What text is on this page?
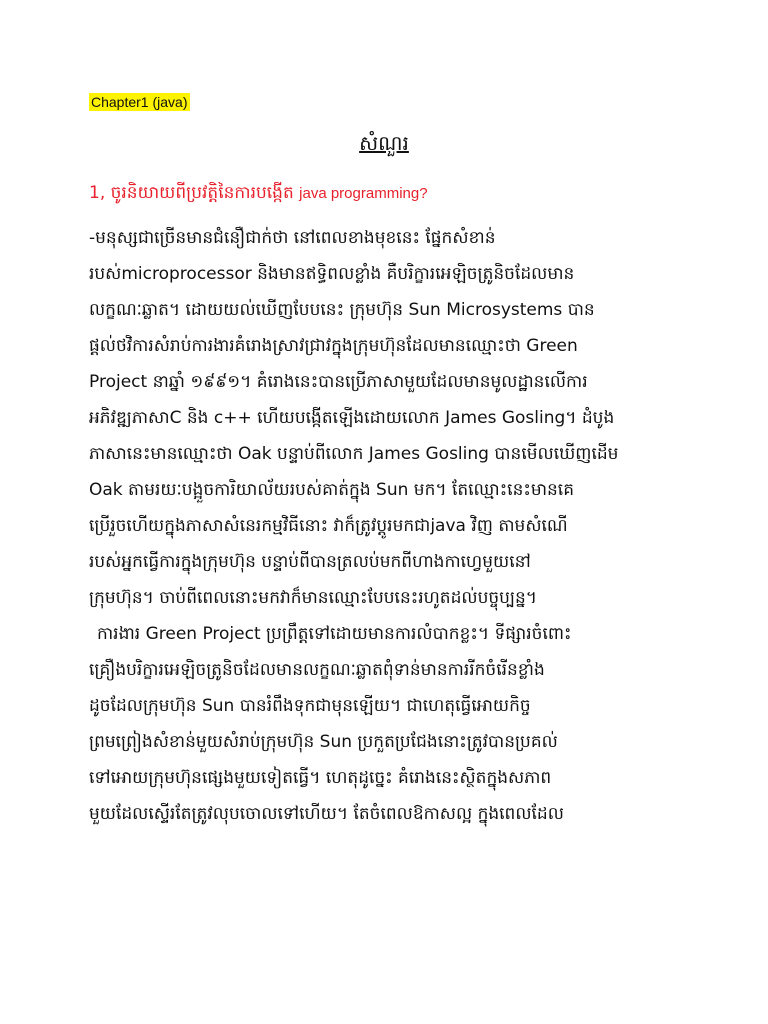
Chapter1 (java)
សំណួរ
1, ចូរនិយាយពីប្រវត្តិនៃការបង្កើត java programming?
-មនុស្សជាច្រើនមានជំនឿជាក់ថា នៅពេលខាងមុខនេះ ផ្នែកសំខាន់
របស់microprocessor និងមានឥទ្ធិពលខ្លាំង គឺបរិក្ខារអេឡិចត្រូនិចដែលមាន
លក្ខណៈឆ្លាត។ ដោយយល់ឃើញបែបនេះ ក្រុមហ៊ុន Sun Microsystems បាន
ផ្តល់ថវិការសំរាប់ការងារគំរោងស្រាវជ្រាវក្នុងក្រុមហ៊ុនដែលមានឈ្មោះថា Green
Project នាឆ្នាំ ១៩៩១។ គំរោងនេះបានប្រើភាសាមួយដែលមានមូលដ្ឋានលើការ
អភិវឌ្ឍភាសាC និង c++ ហើយបង្កើតឡើងដោយលោក James Gosling។ ដំបូង
ភាសានេះមានឈ្មោះថា Oak បន្ទាប់ពីលោក James Gosling បានមើលឃើញដើម
Oak តាមរយៈបង្អួចការិយាល័យរបស់គាត់ក្នុង Sun មក។ តែឈ្មោះនេះមានគេ
ប្រើរួចហើយក្នុងភាសាសំនេរកម្មវិធីនោះ វាក៏ត្រូវប្តូរមកជាjava វិញ តាមសំណើ
របស់អ្នកធ្វើការក្នុងក្រុមហ៊ុន បន្ទាប់ពីបានត្រលប់មកពីហាងកាហ្វេមួយនៅ
ក្រុមហ៊ុន។ ចាប់ពីពេលនោះមកវាក៏មានឈ្មោះបែបនេះរហូតដល់បច្ចុប្បន្ន។
ការងារ Green Project ប្រព្រឹត្តទៅដោយមានការលំបាកខ្លះ។ ទីផ្សារចំពោះ
គ្រឿងបរិក្ខារអេឡិចត្រូនិចដែលមានលក្ខណៈឆ្លាតពុំទាន់មានការរីកចំរើនខ្លាំង
ដូចដែលក្រុមហ៊ុន Sun បានរំពឹងទុកជាមុនឡើយ។ ជាហេតុធ្វើអោយកិច្ច
ព្រមព្រៀងសំខាន់មួយសំរាប់ក្រុមហ៊ុន Sun ប្រកួតប្រជែងនោះត្រូវបានប្រគល់
ទៅអោយក្រុមហ៊ុនផ្សេងមួយទៀតធ្វើ។ ហេតុដូច្នេះ គំរោងនេះស្ថិតក្នុងសភាព
មួយដែលស្ទើរតែត្រូវលុបចោលទៅហើយ។ តែចំពេលឱកាសល្អ ក្នុងពេលដែល
